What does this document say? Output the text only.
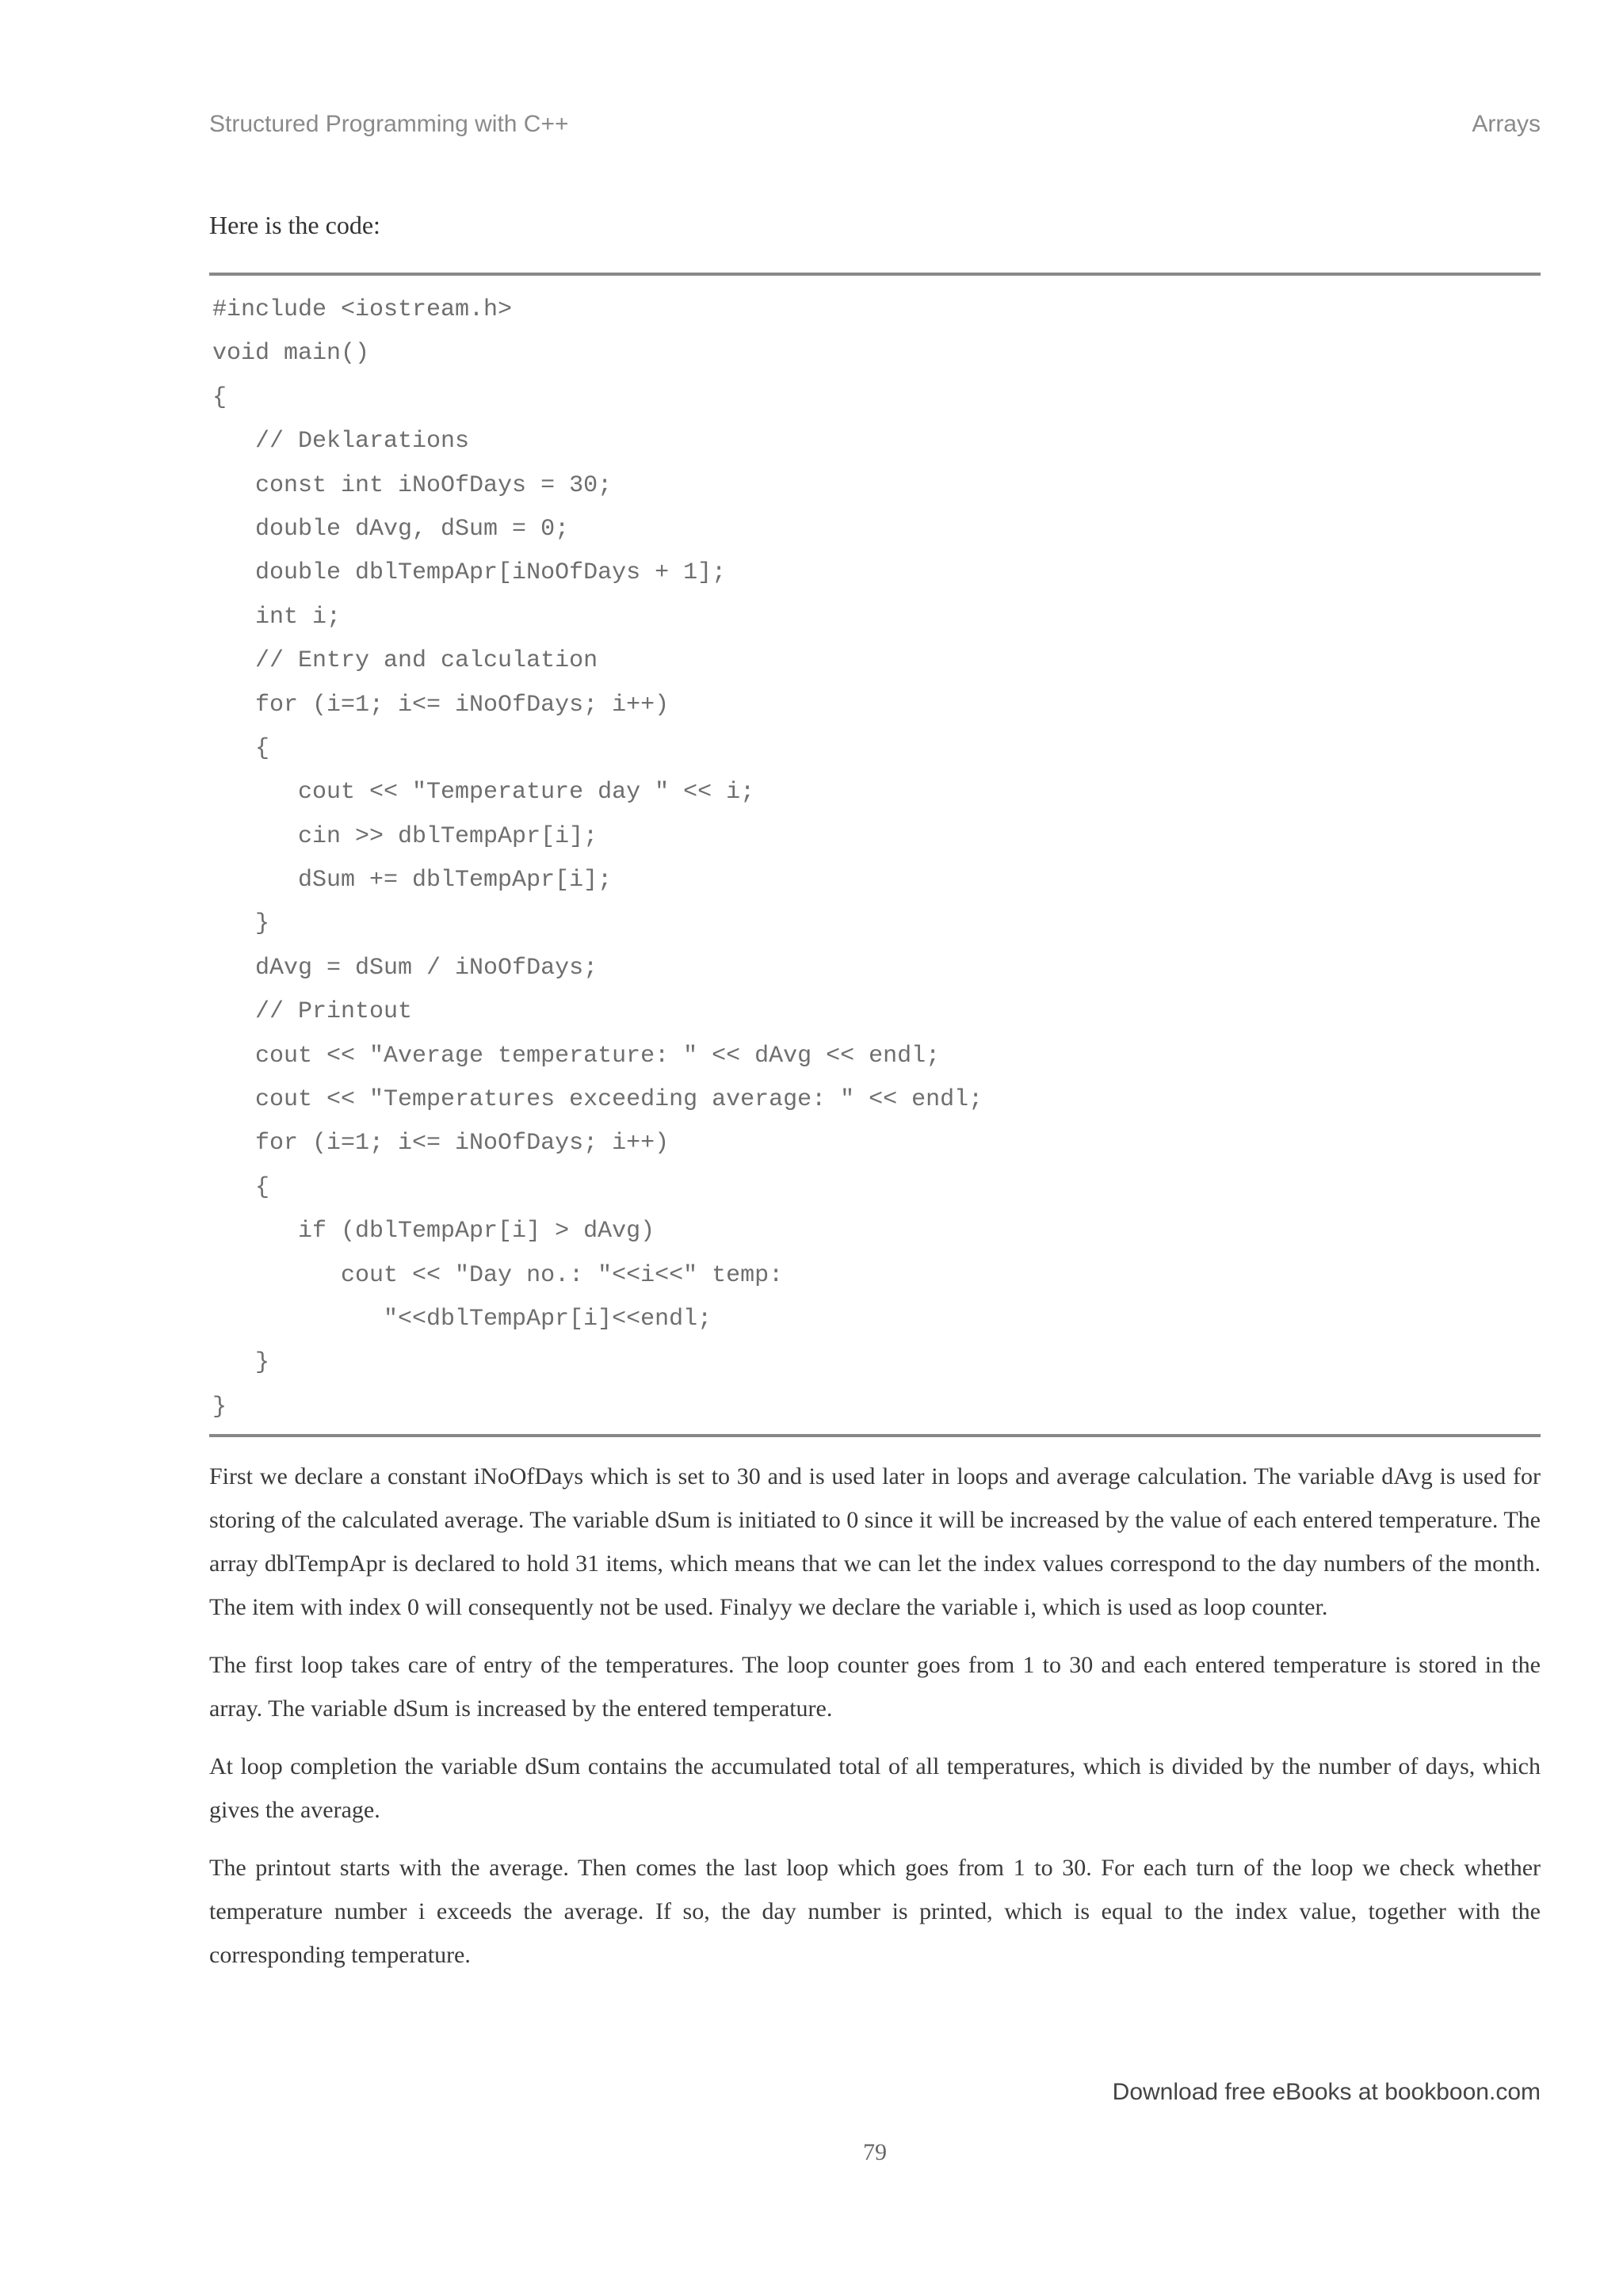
Structured Programming with C++	Arrays
Here is the code:
#include <iostream.h>
void main()
{
// Deklarations
const int iNoOfDays = 30;
double dAvg, dSum = 0;
double dblTempApr[iNoOfDays + 1];
int i;
// Entry and calculation
for (i=1; i<= iNoOfDays; i++)
{
cout << "Temperature day " << i;
cin >> dblTempApr[i];
dSum += dblTempApr[i];
}
dAvg = dSum / iNoOfDays;
// Printout
cout << "Average temperature: " << dAvg << endl;
cout << "Temperatures exceeding average: " << endl;
for (i=1; i<= iNoOfDays; i++)
{
if (dblTempApr[i] > dAvg)
cout << "Day no.: "<<i<<" temp:
"<<dblTempApr[i]<<endl;
}
}

First we declare a constant iNoOfDays which is set to 30 and is used later in loops and average calculation. The variable dAvg is used for storing of the calculated average. The variable dSum is initiated to 0 since it will be increased by the value of each entered temperature. The array dblTempApr is declared to hold 31 items, which means that we can let the index values correspond to the day numbers of the month. The item with index 0 will consequently not be used. Finalyy we declare the variable i, which is used as loop counter.

The first loop takes care of entry of the temperatures. The loop counter goes from 1 to 30 and each entered temperature is stored in the array. The variable dSum is increased by the entered temperature.

At loop completion the variable dSum contains the accumulated total of all temperatures, which is divided by the number of days, which gives the average.

The printout starts with the average. Then comes the last loop which goes from 1 to 30. For each turn of the loop we check whether temperature number i exceeds the average. If so, the day number is printed, which is equal to the index value, together with the corresponding temperature.

Download free eBooks at bookboon.com
79
